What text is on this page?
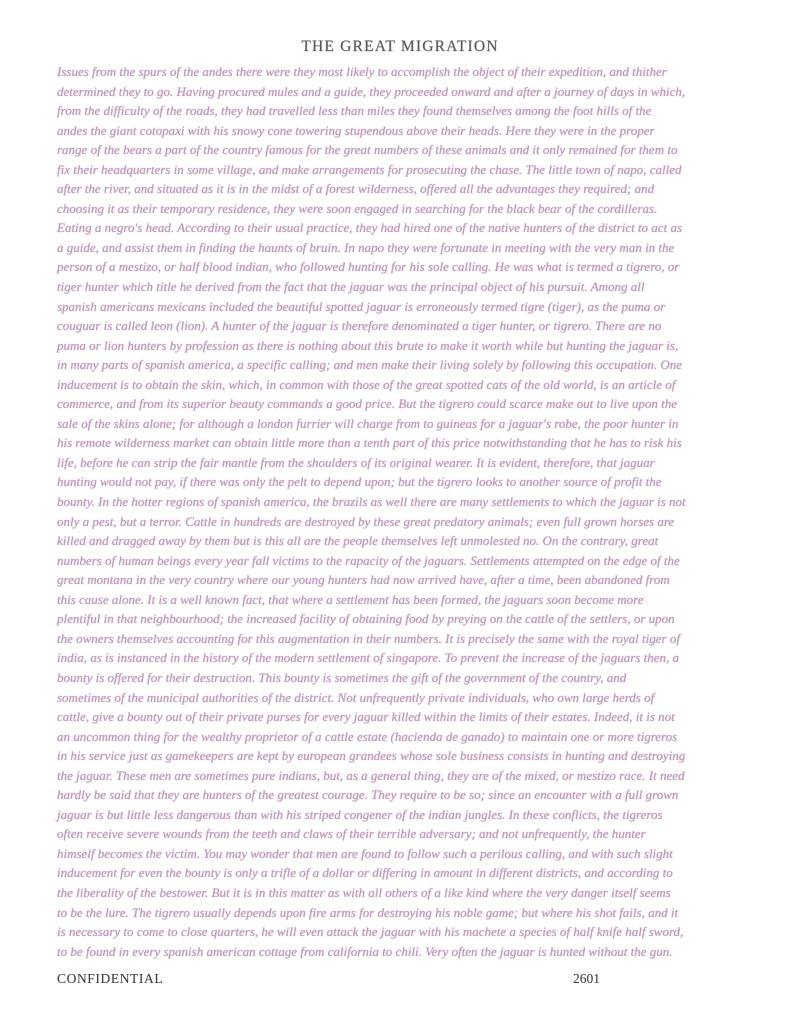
THE GREAT MIGRATION
Issues from the spurs of the andes there were they most likely to accomplish the object of their expedition, and thither
determined they to go. Having procured mules and a guide, they proceeded onward and after a journey of days in which,
from the difficulty of the roads, they had travelled less than miles they found themselves among the foot hills of the
andes the giant cotopaxi with his snowy cone towering stupendous above their heads. Here they were in the proper
range of the bears a part of the country famous for the great numbers of these animals and it only remained for them to
fix their headquarters in some village, and make arrangements for prosecuting the chase. The little town of napo, called
after the river, and situated as it is in the midst of a forest wilderness, offered all the advantages they required; and
choosing it as their temporary residence, they were soon engaged in searching for the black bear of the cordilleras.
Eating a negro's head. According to their usual practice, they had hired one of the native hunters of the district to act as
a guide, and assist them in finding the haunts of bruin. In napo they were fortunate in meeting with the very man in the
person of a mestizo, or half blood indian, who followed hunting for his sole calling. He was what is termed a tigrero, or
tiger hunter which title he derived from the fact that the jaguar was the principal object of his pursuit. Among all
spanish americans mexicans included the beautiful spotted jaguar is erroneously termed tigre (tiger), as the puma or
couguar is called leon (lion). A hunter of the jaguar is therefore denominated a tiger hunter, or tigrero. There are no
puma or lion hunters by profession as there is nothing about this brute to make it worth while but hunting the jaguar is,
in many parts of spanish america, a specific calling; and men make their living solely by following this occupation. One
inducement is to obtain the skin, which, in common with those of the great spotted cats of the old world, is an article of
commerce, and from its superior beauty commands a good price. But the tigrero could scarce make out to live upon the
sale of the skins alone; for although a london furrier will charge from to guineas for a jaguar's robe, the poor hunter in
his remote wilderness market can obtain little more than a tenth part of this price notwithstanding that he has to risk his
life, before he can strip the fair mantle from the shoulders of its original wearer. It is evident, therefore, that jaguar
hunting would not pay, if there was only the pelt to depend upon; but the tigrero looks to another source of profit the
bounty. In the hotter regions of spanish america, the brazils as well there are many settlements to which the jaguar is not
only a pest, but a terror. Cattle in hundreds are destroyed by these great predatory animals; even full grown horses are
killed and dragged away by them but is this all are the people themselves left unmolested no. On the contrary, great
numbers of human beings every year fall victims to the rapacity of the jaguars. Settlements attempted on the edge of the
great montana in the very country where our young hunters had now arrived have, after a time, been abandoned from
this cause alone. It is a well known fact, that where a settlement has been formed, the jaguars soon become more
plentiful in that neighbourhood; the increased facility of obtaining food by preying on the cattle of the settlers, or upon
the owners themselves accounting for this augmentation in their numbers. It is precisely the same with the royal tiger of
india, as is instanced in the history of the modern settlement of singapore. To prevent the increase of the jaguars then, a
bounty is offered for their destruction. This bounty is sometimes the gift of the government of the country, and
sometimes of the municipal authorities of the district. Not unfrequently private individuals, who own large herds of
cattle, give a bounty out of their private purses for every jaguar killed within the limits of their estates. Indeed, it is not
an uncommon thing for the wealthy proprietor of a cattle estate (hacienda de ganado) to maintain one or more tigreros
in his service just as gamekeepers are kept by european grandees whose sole business consists in hunting and destroying
the jaguar. These men are sometimes pure indians, but, as a general thing, they are of the mixed, or mestizo race. It need
hardly be said that they are hunters of the greatest courage. They require to be so; since an encounter with a full grown
jaguar is but little less dangerous than with his striped congener of the indian jungles. In these conflicts, the tigreros
often receive severe wounds from the teeth and claws of their terrible adversary; and not unfrequently, the hunter
himself becomes the victim. You may wonder that men are found to follow such a perilous calling, and with such slight
inducement for even the bounty is only a trifle of a dollar or differing in amount in different districts, and according to
the liberality of the bestower. But it is in this matter as with all others of a like kind where the very danger itself seems
to be the lure. The tigrero usually depends upon fire arms for destroying his noble game; but where his shot fails, and it
is necessary to come to close quarters, he will even attack the jaguar with his machete a species of half knife half sword,
to be found in every spanish american cottage from california to chili. Very often the jaguar is hunted without the gun.
CONFIDENTIAL	2601
